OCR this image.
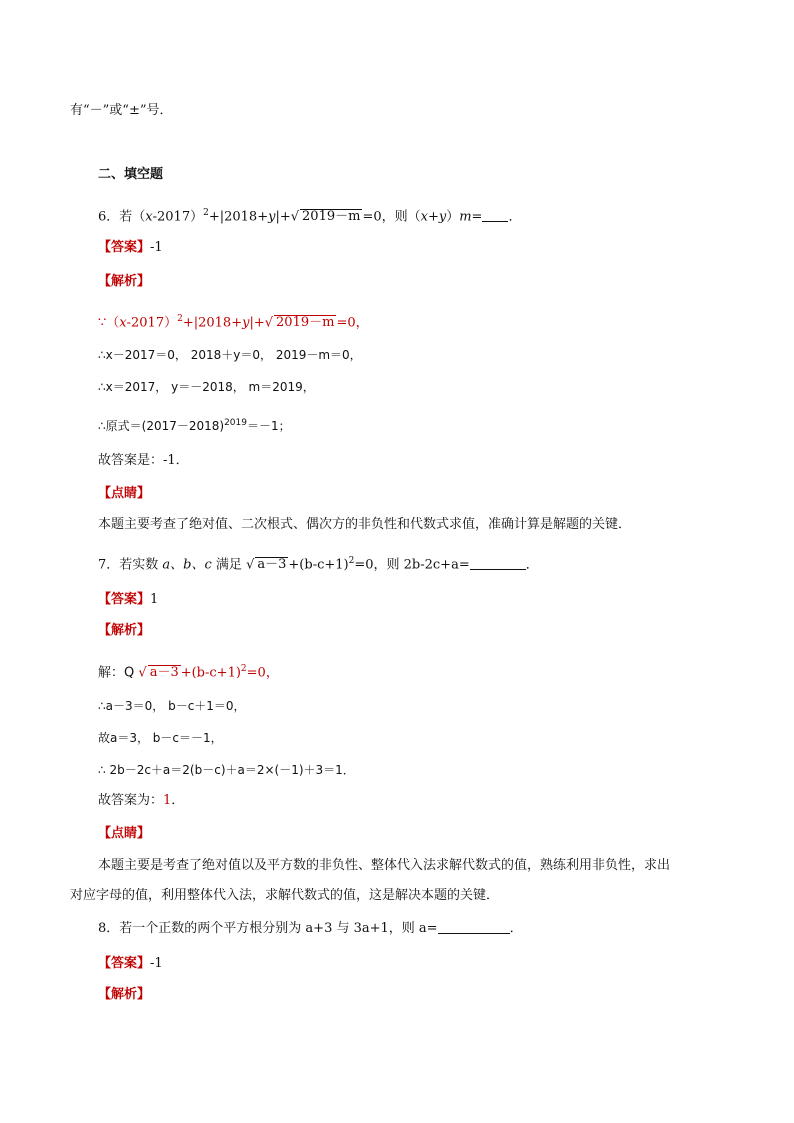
有“－”或“±”号．
二、填空题
6．若$(x-2017)^2+|2018+y|+√$ 2019－m =0，则（x+y）m= ．
【答案】-1
【解析】
$\because(x-2017)^2+|2018+y|+√$ 2019－m =0，
∴x－2017＝0， 2018＋y＝0， 2019－m＝0，
∴x＝2017， y＝－2018， m＝2019，
∴原式$=(2017-2018)^{2019}=-1$；
故答案是：-1．
【点睛】
本题主要考查了绝对值、二次根式、偶次方的非负性和代数式求值，准确计算是解题的关键．
7．若实数 a、b、c 满足 √ $a-3 +(b-c+1)^2=0$，则 2b-2c+a=	．
【答案】1
【解析】
解：Q √ $a-3 +(b-c+1)^2=0$，
∴a－3＝0， b－c＋1＝0，
故a＝3， b－c＝－1，
∴ 2b－2c＋a＝2(b－c)＋a＝2×(－1)＋3＝1．
故答案为：1．
【点睛】
本题主要是考查了绝对值以及平方数的非负性、整体代入法求解代数式的值，熟练利用非负性，求出
对应字母的值，利用整体代入法，求解代数式的值，这是解决本题的关键．
8．若一个正数的两个平方根分别为 a+3 与 3a+1，则 a=	．
【答案】-1
【解析】
